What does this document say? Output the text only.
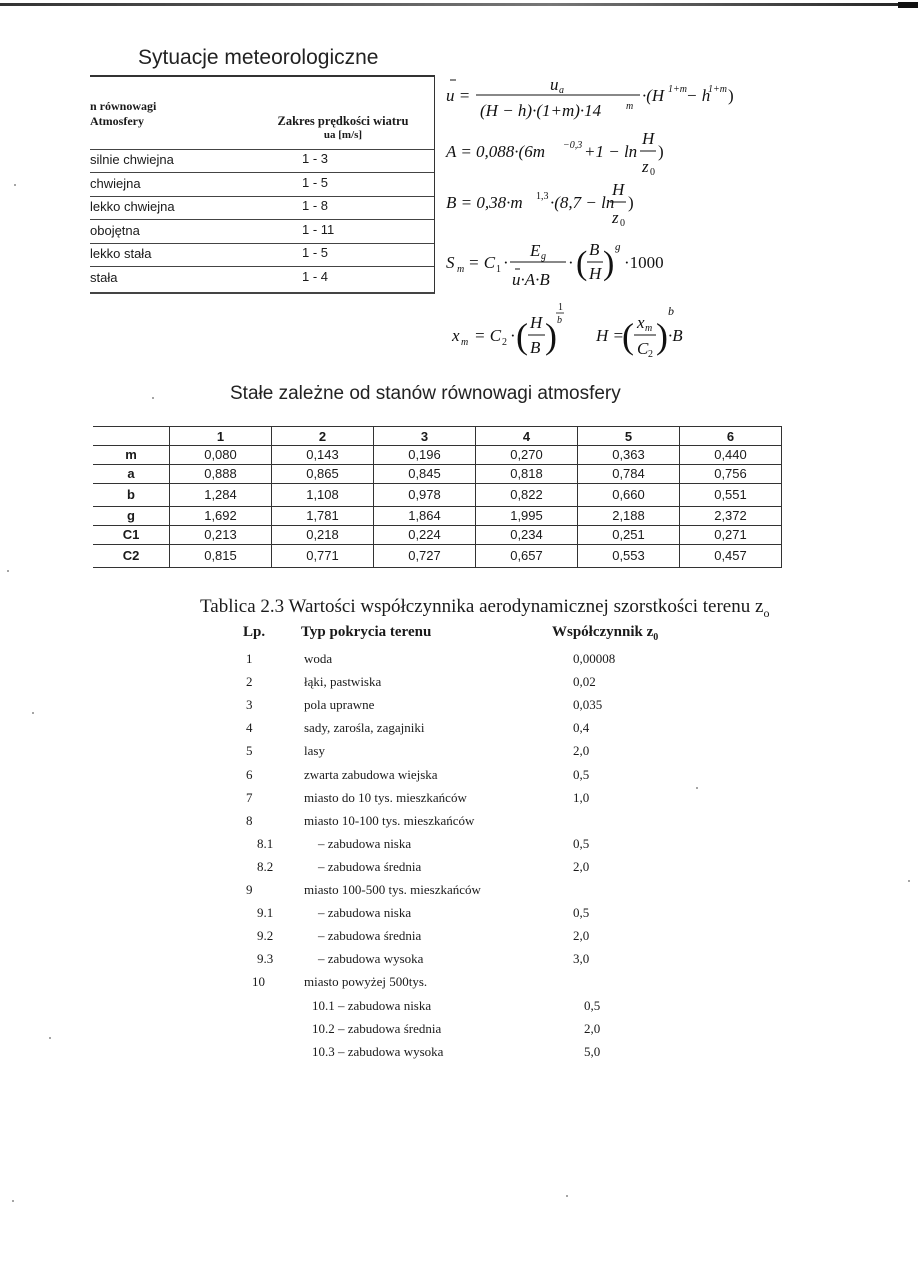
Sytuacje meteorologiczne
n równowagi
Atmosfery	Zakres prędkości wiatru
ua [m/s]
silnie chwiejna	1 - 3
chwiejna	1 - 5
lekko chwiejna	1 - 8
obojętna	1 - 11
lekko stała	1 - 5
stała	1 - 4
u =
u a
(H − h)·(1+m)·14 m
·(H 1+m − h
1+m )
A = 0,088·(6m −0,3 +1 − ln
H
z 0
)
B = 0,38·m 1,3 ·(8,7 − ln
H
z 0
)
S m = C 1 ·
E g
u·A·B
· ( B
H ) g
·1000
x m = C 2 · ( H
B )
1
b
H =
( x m
C 2 )
b
·B
Stałe zależne od stanów równowagi atmosfery
	1	2	3	4	5	6
m	0,080	0,143	0,196	0,270	0,363	0,440
a	0,888	0,865	0,845	0,818	0,784	0,756
b	1,284	1,108	0,978	0,822	0,660	0,551
g	1,692	1,781	1,864	1,995	2,188	2,372
C1	0,213	0,218	0,224	0,234	0,251	0,271
C2	0,815	0,771	0,727	0,657	0,553	0,457
Tablica 2.3 Wartości współczynnika aerodynamicznej szorstkości terenu $z_o$
Lp. Typ pokrycia terenu	Współczynnik $z_0$
1	woda	0,00008
2	łąki, pastwiska	0,02
3	pola uprawne	0,035
4	sady, zarośla, zagajniki	0,4
5	lasy	2,0
6	zwarta zabudowa wiejska	0,5
7	miasto do 10 tys. mieszkańców	1,0
8	miasto 10-100 tys. mieszkańców
8.1	– zabudowa niska	0,5
8.2	– zabudowa średnia	2,0
9	miasto 100-500 tys. mieszkańców
9.1	– zabudowa niska	0,5
9.2	– zabudowa średnia	2,0
9.3	– zabudowa wysoka	3,0
10	miasto powyżej 500tys.
10.1 – zabudowa niska	0,5
10.2 – zabudowa średnia	2,0
10.3 – zabudowa wysoka	5,0
